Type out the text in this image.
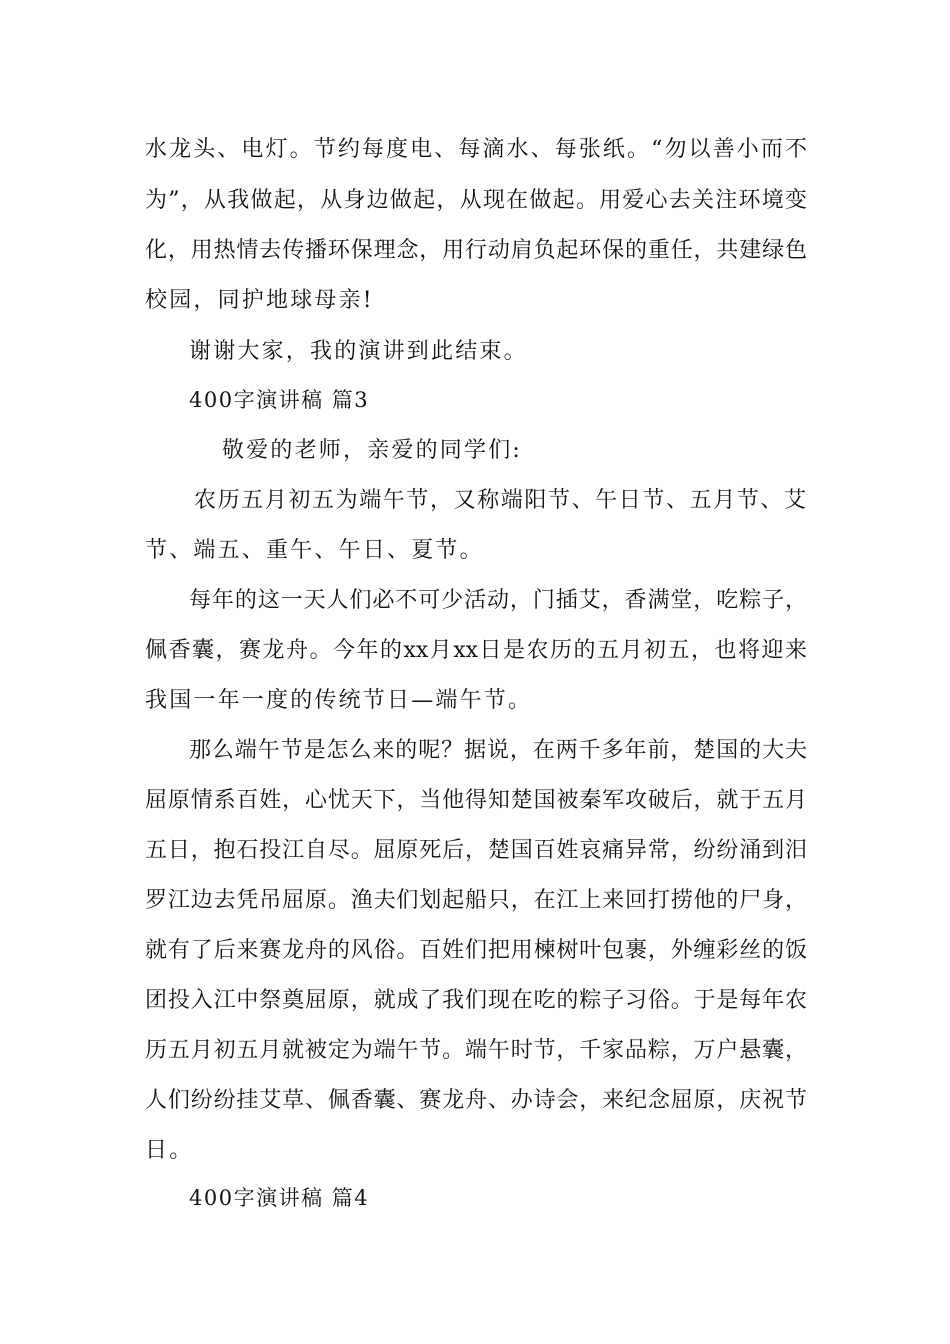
水龙头、电灯。节约每度电、每滴水、每张纸。“勿以善小而不
为”，从我做起，从身边做起，从现在做起。用爱心去关注环境变
化，用热情去传播环保理念，用行动肩负起环保的重任，共建绿色
校园，同护地球母亲!
谢谢大家，我的演讲到此结束。
400字演讲稿 篇3
敬爱的老师，亲爱的同学们:
农历五月初五为端午节，又称端阳节、午日节、五月节、艾
节、端五、重午、午日、夏节。
每年的这一天人们必不可少活动，门插艾，香满堂，吃粽子，
佩香囊，赛龙舟。今年的xx月xx日是农历的五月初五，也将迎来
我国一年一度的传统节日—端午节。
那么端午节是怎么来的呢？据说，在两千多年前，楚国的大夫
屈原情系百姓，心忧天下，当他得知楚国被秦军攻破后，就于五月
五日，抱石投江自尽。屈原死后，楚国百姓哀痛异常，纷纷涌到汨
罗江边去凭吊屈原。渔夫们划起船只，在江上来回打捞他的尸身，
就有了后来赛龙舟的风俗。百姓们把用楝树叶包裹，外缠彩丝的饭
团投入江中祭奠屈原，就成了我们现在吃的粽子习俗。于是每年农
历五月初五月就被定为端午节。端午时节，千家品粽，万户悬囊，
人们纷纷挂艾草、佩香囊、赛龙舟、办诗会，来纪念屈原，庆祝节
日。
400字演讲稿 篇4
